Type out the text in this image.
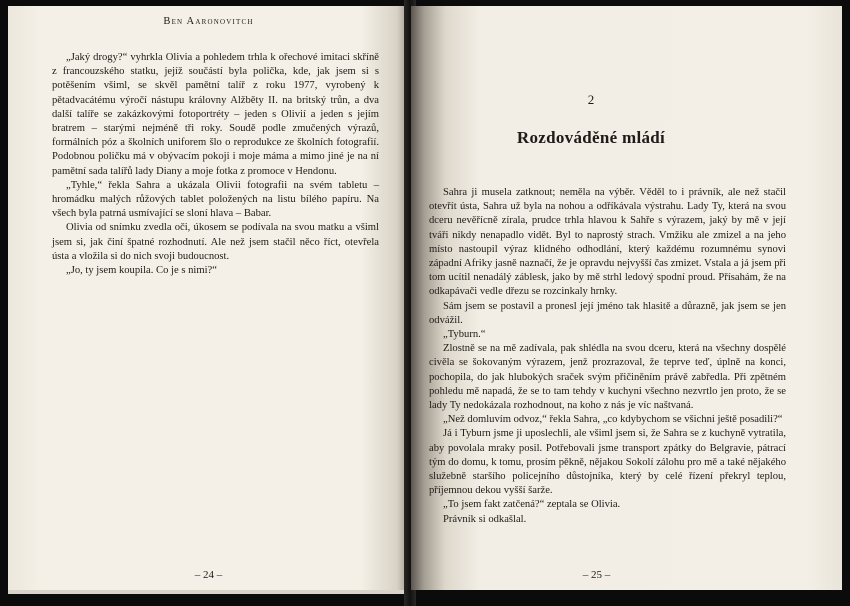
Ben Aaronovitch

„Jaký drogy?“ vyhrkla Olivia a pohledem trhla k ořechové imitaci skříně z francouzského statku, jejíž součástí byla polička, kde, jak jsem si s potěšením všiml, se skvěl pamětní talíř z roku 1977, vyrobený k pětadvacátému výročí nástupu královny Alžběty II. na britský trůn, a dva další talíře se zakázkovými fotoportréty – jeden s Olivií a jeden s jejím bratrem – starými nejméně tři roky. Soudě podle zmučených výrazů, formálních póz a školních uniforem šlo o reprodukce ze školních fotografií. Podobnou poličku má v obývacím pokoji i moje máma a mimo jiné je na ní pamětní sada talířů lady Diany a moje fotka z promoce v Hendonu.

„Tyhle,“ řekla Sahra a ukázala Olivii fotografii na svém tabletu – hromádku malých růžových tablet položených na listu bílého papíru. Na všech byla patrná usmívající se sloní hlava – Babar.

Olivia od snímku zvedla oči, úkosem se podívala na svou matku a všiml jsem si, jak činí špatné rozhodnutí. Ale než jsem stačil něco říct, otevřela ústa a vložila si do nich svoji budoucnost.

„Jo, ty jsem koupila. Co je s nimi?“

– 24 –
2
Rozdováděné mládí

Sahra ji musela zatknout; neměla na výběr. Věděl to i právník, ale než stačil otevřít ústa, Sahra už byla na nohou a odříkávala výstrahu. Lady Ty, která na svou dceru nevěřícně zírala, prudce trhla hlavou k Sahře s výrazem, jaký by mě v její tváři nikdy nenapadlo vidět. Byl to naprostý strach. Vmžiku ale zmizel a na jeho místo nastoupil výraz klidného odhodlání, který každému rozumnému synovi západní Afriky jasně naznačí, že je opravdu nejvyšší čas zmizet. Vstala a já jsem při tom ucítil nenadálý záblesk, jako by mě strhl ledový spodní proud. Přísahám, že na odkapávači vedle dřezu se rozcinkaly hrnky.

Sám jsem se postavil a pronesl její jméno tak hlasitě a důrazně, jak jsem se jen odvážil.

„Tyburn.“

Zlostně se na mě zadívala, pak shlédla na svou dceru, která na všechny dospělé civěla se šokovaným výrazem, jenž prozrazoval, že teprve teď, úplně na konci, pochopila, do jak hlubokých sraček svým přičiněním právě zabředla. Při zpětném pohledu mě napadá, že se to tam tehdy v kuchyni všechno nezvrtlo jen proto, že se lady Ty nedokázala rozhodnout, na koho z nás je víc naštvaná.

„Než domluvím odvoz,“ řekla Sahra, „co kdybychom se všichni ještě posadili?“

Já i Tyburn jsme ji uposlechli, ale všiml jsem si, že Sahra se z kuchyně vytratila, aby povolala mraky posil. Potřebovali jsme transport zpátky do Belgravie, pátrací tým do domu, k tomu, prosím pěkně, nějakou Sokolí zálohu pro mě a také nějakého služebně staršího policejního důstojníka, který by celé řízení překryl teplou, příjemnou dekou vyšší šarže.

„To jsem fakt zatčená?“ zeptala se Olivia.

Právník si odkašlal.

– 25 –
